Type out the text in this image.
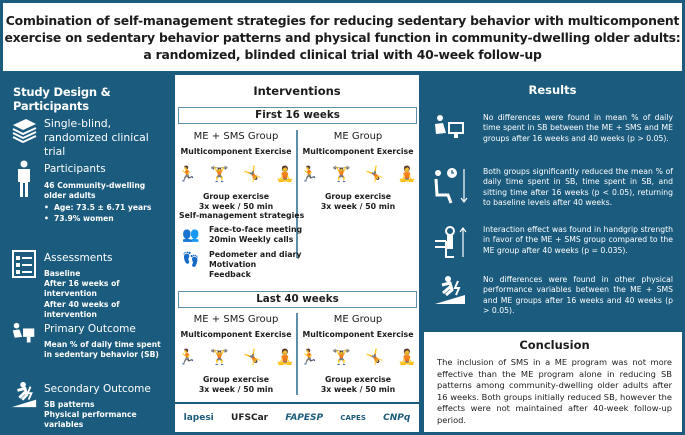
Combination of self-management strategies for reducing sedentary behavior with multicomponent
exercise on sedentary behavior patterns and physical function in community-dwelling older adults:
a randomized, blinded clinical trial with 40-week follow-up
Study Design & Participants
Single-blind, randomized clinical trial
Participants
46 Community-dwelling older adults
• Age: 73.5 ± 6.71 years
• 73.9% women
Assessments
Baseline
After 16 weeks of intervention
After 40 weeks of intervention
Primary Outcome
Mean % of daily time spent in sedentary behavior (SB)
Secondary Outcome
SB patterns
Physical performance variables
Interventions
First 16 weeks
ME + SMS Group
Multicomponent Exercise
🏃 🏋 🤸 🧘
Group exercise
3x week / 50 min
ME Group
Multicomponent Exercise
🏃 🏋 🤸 🧘
Group exercise
3x week / 50 min
Self-management strategies
👥	Face-to-face meeting
20min Weekly calls
👣	Pedometer and diary
Motivation
Feedback
Last 40 weeks
ME + SMS Group
Multicomponent Exercise
🏃 🏋 🤸 🧘
Group exercise
3x week / 50 min
ME Group
Multicomponent Exercise
🏃 🏋 🤸 🧘
Group exercise
3x week / 50 min
lapesi UFSCar FAPESP CAPES CNPq
Results
No differences were found in mean % of daily time spent in SB between the ME + SMS and ME groups after 16 weeks and 40 weeks (p > 0.05).
Both groups significantly reduced the mean % of daily time spent in SB, time spent in SB, and sitting time after 16 weeks (p < 0.05), returning to baseline levels after 40 weeks.
Interaction effect was found in handgrip strength in favor of the ME + SMS group compared to the ME group after 40 weeks (p = 0.035).
No differences were found in other physical performance variables between the ME + SMS and ME groups after 16 weeks and 40 weeks (p > 0.05).
Conclusion

The inclusion of SMS in a ME program was not more effective than the ME program alone in reducing SB patterns among community-dwelling older adults after 16 weeks. Both groups initially reduced SB, however the effects were not maintained after 40-week follow-up period.
